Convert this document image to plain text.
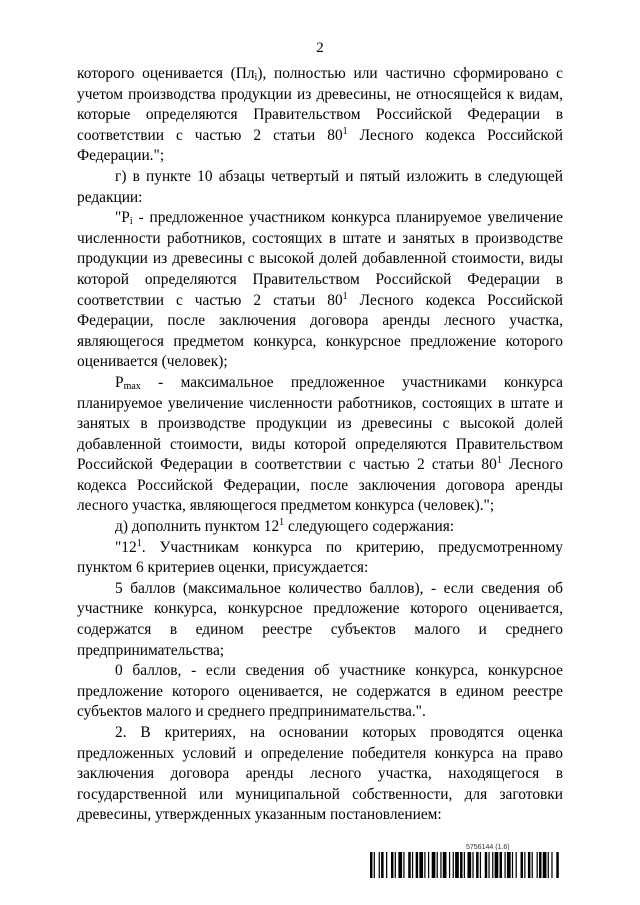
2

которого оценивается $(Пл_i)$, полностью или частично сформировано с учетом производства продукции из древесины, не относящейся к видам, которые определяются Правительством Российской Федерации в соответствии с частью 2 статьи $80^1$ Лесного кодекса Российской Федерации.";

г) в пункте 10 абзацы четвертый и пятый изложить в следующей редакции:

"$P_i$ - предложенное участником конкурса планируемое увеличение численности работников, состоящих в штате и занятых в производстве продукции из древесины с высокой долей добавленной стоимости, виды которой определяются Правительством Российской Федерации в соответствии с частью 2 статьи $80^1$ Лесного кодекса Российской Федерации, после заключения договора аренды лесного участка, являющегося предметом конкурса, конкурсное предложение которого оценивается (человек);

$P_{max}$ - максимальное предложенное участниками конкурса планируемое увеличение численности работников, состоящих в штате и занятых в производстве продукции из древесины с высокой долей добавленной стоимости, виды которой определяются Правительством Российской Федерации в соответствии с частью 2 статьи $80^1$ Лесного кодекса Российской Федерации, после заключения договора аренды лесного участка, являющегося предметом конкурса (человек).";

д) дополнить пунктом $12^1$ следующего содержания:

"$12^1$. Участникам конкурса по критерию, предусмотренному пунктом 6 критериев оценки, присуждается:

5 баллов (максимальное количество баллов), - если сведения об участнике конкурса, конкурсное предложение которого оценивается, содержатся в едином реестре субъектов малого и среднего предпринимательства;

0 баллов, - если сведения об участнике конкурса, конкурсное предложение которого оценивается, не содержатся в едином реестре субъектов малого и среднего предпринимательства.".

2. В критериях, на основании которых проводятся оценка предложенных условий и определение победителя конкурса на право заключения договора аренды лесного участка, находящегося в государственной или муниципальной собственности, для заготовки древесины, утвержденных указанным постановлением:

5756144 (1.6)
